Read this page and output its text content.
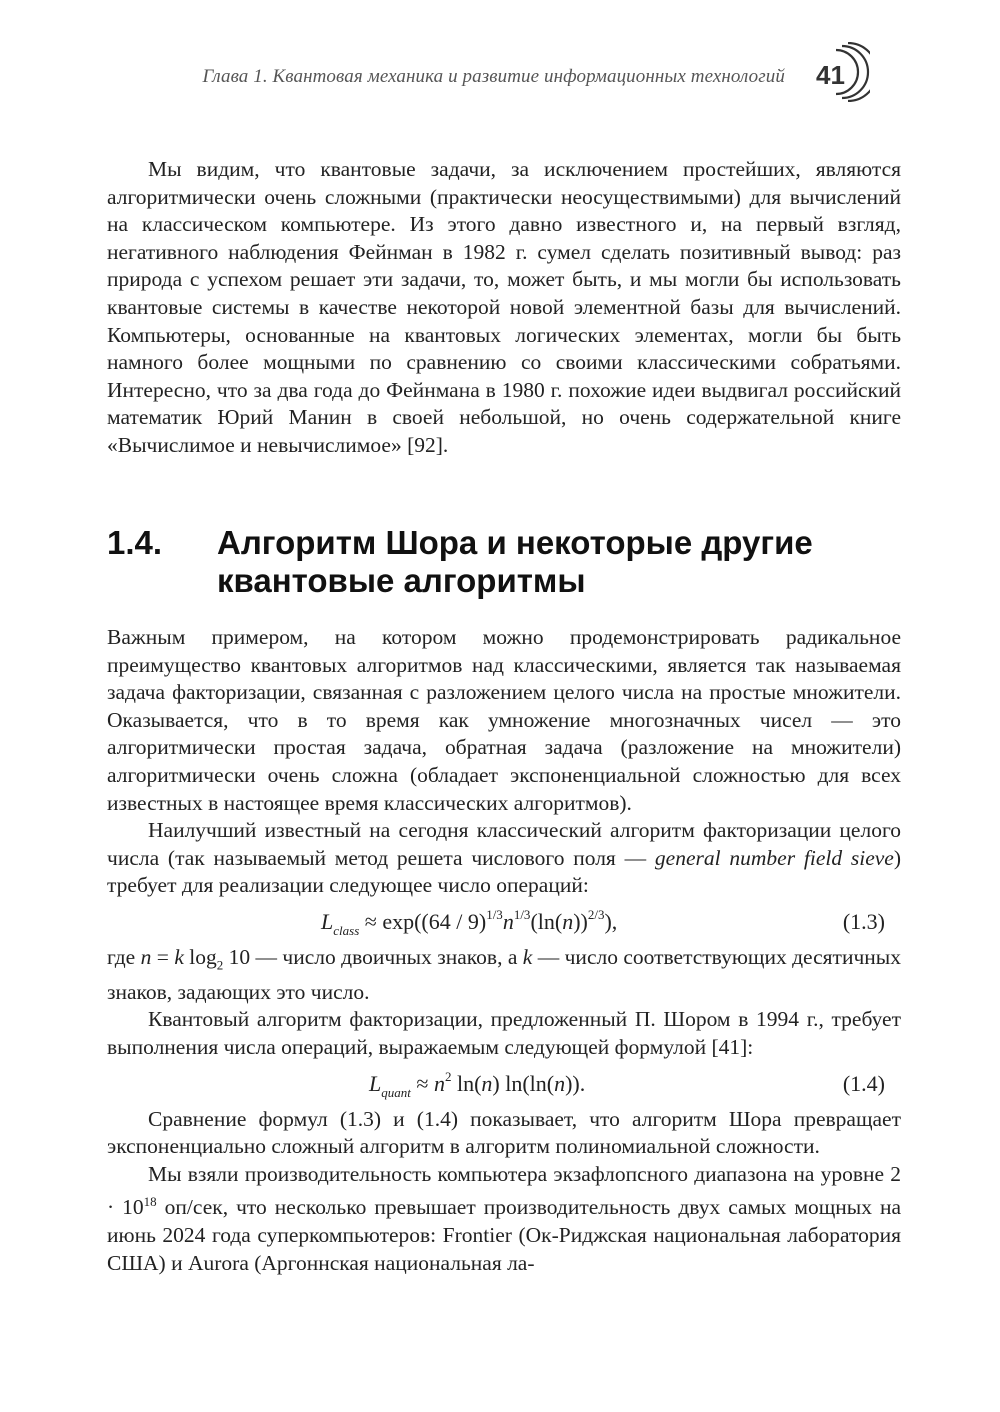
Глава 1. Квантовая механика и развитие информационных технологий 41

Мы видим, что квантовые задачи, за исключением простейших, являются алгоритмически очень сложными (практически неосуществимыми) для вычислений на классическом компьютере. Из этого давно известного и, на первый взгляд, негативного наблюдения Фейнман в 1982 г. сумел сделать позитивный вывод: раз природа с успехом решает эти задачи, то, может быть, и мы могли бы использовать квантовые системы в качестве некоторой новой элементной базы для вычислений. Компьютеры, основанные на квантовых логических элементах, могли бы быть намного более мощными по сравнению со своими классическими собратьями. Интересно, что за два года до Фейнмана в 1980 г. похожие идеи выдвигал российский математик Юрий Манин в своей небольшой, но очень содержательной книге «Вычислимое и невычислимое» [92].

1.4. Алгоритм Шора и некоторые другие
квантовые алгоритмы

Важным примером, на котором можно продемонстрировать радикальное преимущество квантовых алгоритмов над классическими, является так называемая задача факторизации, связанная с разложением целого числа на простые множители. Оказывается, что в то время как умножение многозначных чисел — это алгоритмически простая задача, обратная задача (разложение на множители) алгоритмически очень сложна (обладает экспоненциальной сложностью для всех известных в настоящее время классических алгоритмов).

Наилучший известный на сегодня классический алгоритм факторизации целого числа (так называемый метод решета числового поля — general number field sieve) требует для реализации следующее число операций:

$L_{class} \approx \exp((64 / 9)^{1/3}n^{1/3}(\ln(n))^{2/3})$,	(1.3)

где n = k $\log_2 10$ — число двоичных знаков, а k — число соответствующих десятичных знаков, задающих это число.

Квантовый алгоритм факторизации, предложенный П. Шором в 1994 г., требует выполнения числа операций, выражаемым следующей формулой [41]:

$L_{quant} \approx n^2$ ln(n) ln(ln(n)).	(1.4)

Сравнение формул (1.3) и (1.4) показывает, что алгоритм Шора превращает экспоненциально сложный алгоритм в алгоритм полиномиальной сложности.

Мы взяли производительность компьютера экзафлопсного диапазона на уровне $2 \cdot 10^{18}$ оп/сек, что несколько превышает производительность двух самых мощных на июнь 2024 года суперкомпьютеров: Frontier (Ок-Риджская национальная лаборатория США) и Aurora (Аргоннская национальная ла-
